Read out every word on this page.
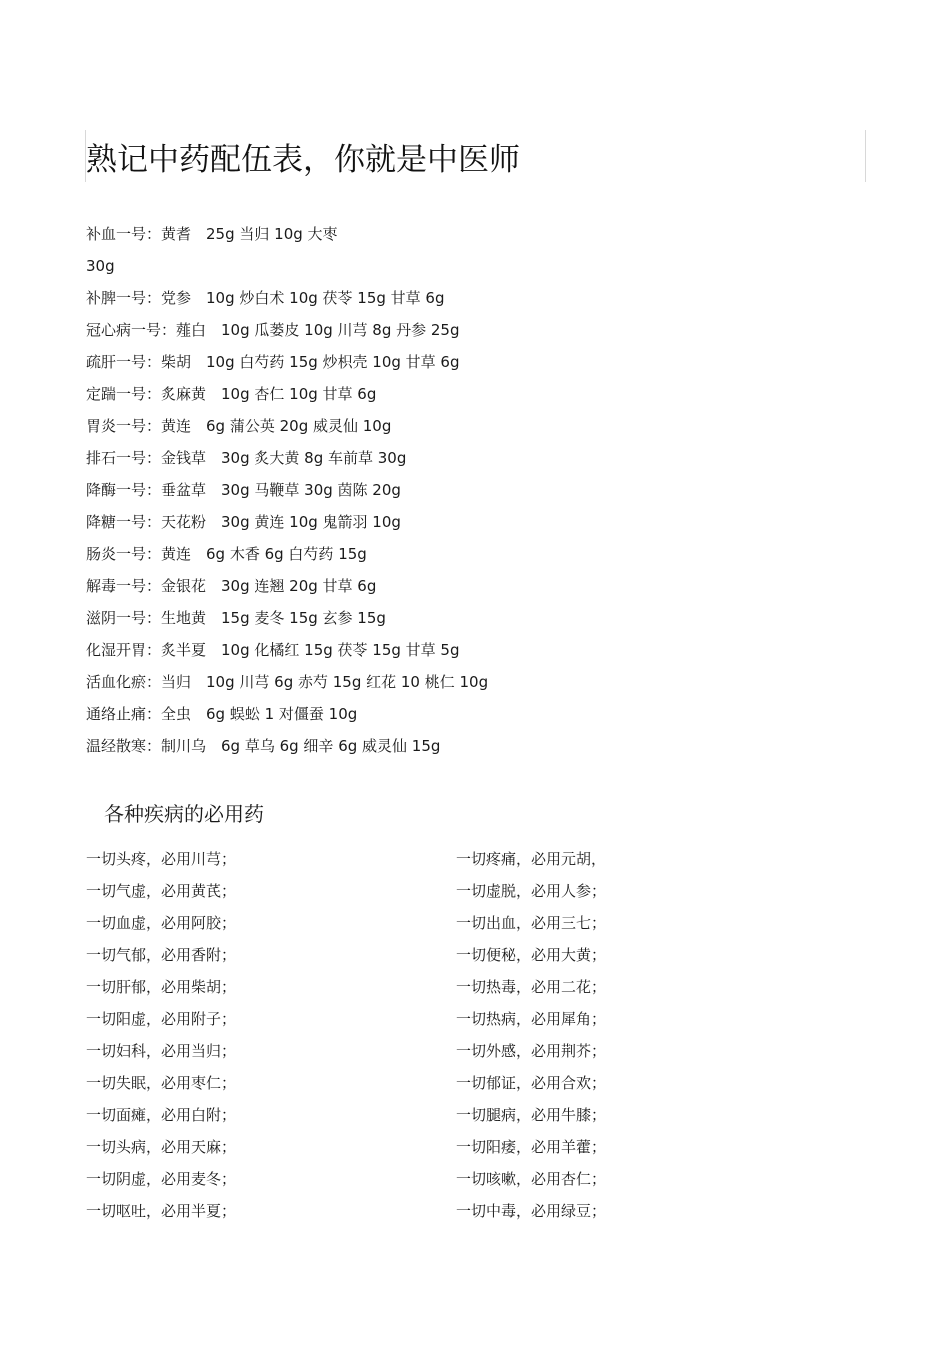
熟记中药配伍表，你就是中医师
补血一号：黄耆　25g 当归 10g 大枣
30g
补脾一号：党参　10g 炒白术 10g 茯苓 15g 甘草 6g
冠心病一号：薤白　10g 瓜蒌皮 10g 川芎 8g 丹参 25g
疏肝一号：柴胡　10g 白芍药 15g 炒枳壳 10g 甘草 6g
定踹一号：炙麻黄　10g 杏仁 10g 甘草 6g
胃炎一号：黄连　6g 蒲公英 20g 威灵仙 10g
排石一号：金钱草　30g 炙大黄 8g 车前草 30g
降酶一号：垂盆草　30g 马鞭草 30g 茵陈 20g
降糖一号：天花粉　30g 黄连 10g 鬼箭羽 10g
肠炎一号：黄连　6g 木香 6g 白芍药 15g
解毒一号：金银花　30g 连翘 20g 甘草 6g
滋阴一号：生地黄　15g 麦冬 15g 玄参 15g
化湿开胃：炙半夏　10g 化橘红 15g 茯苓 15g 甘草 5g
活血化瘀：当归　10g 川芎 6g 赤芍 15g 红花 10 桃仁 10g
通络止痛：全虫　6g 蜈蚣 1 对僵蚕 10g
温经散寒：制川乌　6g 草乌 6g 细辛 6g 威灵仙 15g
各种疾病的必用药
一切头疼，必用川芎；	一切疼痛，必用元胡，
一切气虚，必用黄芪；	一切虚脱，必用人参；
一切血虚，必用阿胶；	一切出血，必用三七；
一切气郁，必用香附；	一切便秘，必用大黄；
一切肝郁，必用柴胡；	一切热毒，必用二花；
一切阳虚，必用附子；	一切热病，必用犀角；
一切妇科，必用当归；	一切外感，必用荆芥；
一切失眠，必用枣仁；	一切郁证，必用合欢；
一切面瘫，必用白附；	一切腿病，必用牛膝；
一切头病，必用天麻；	一切阳痿，必用羊藿；
一切阴虚，必用麦冬；	一切咳嗽，必用杏仁；
一切呕吐，必用半夏；	一切中毒，必用绿豆；
